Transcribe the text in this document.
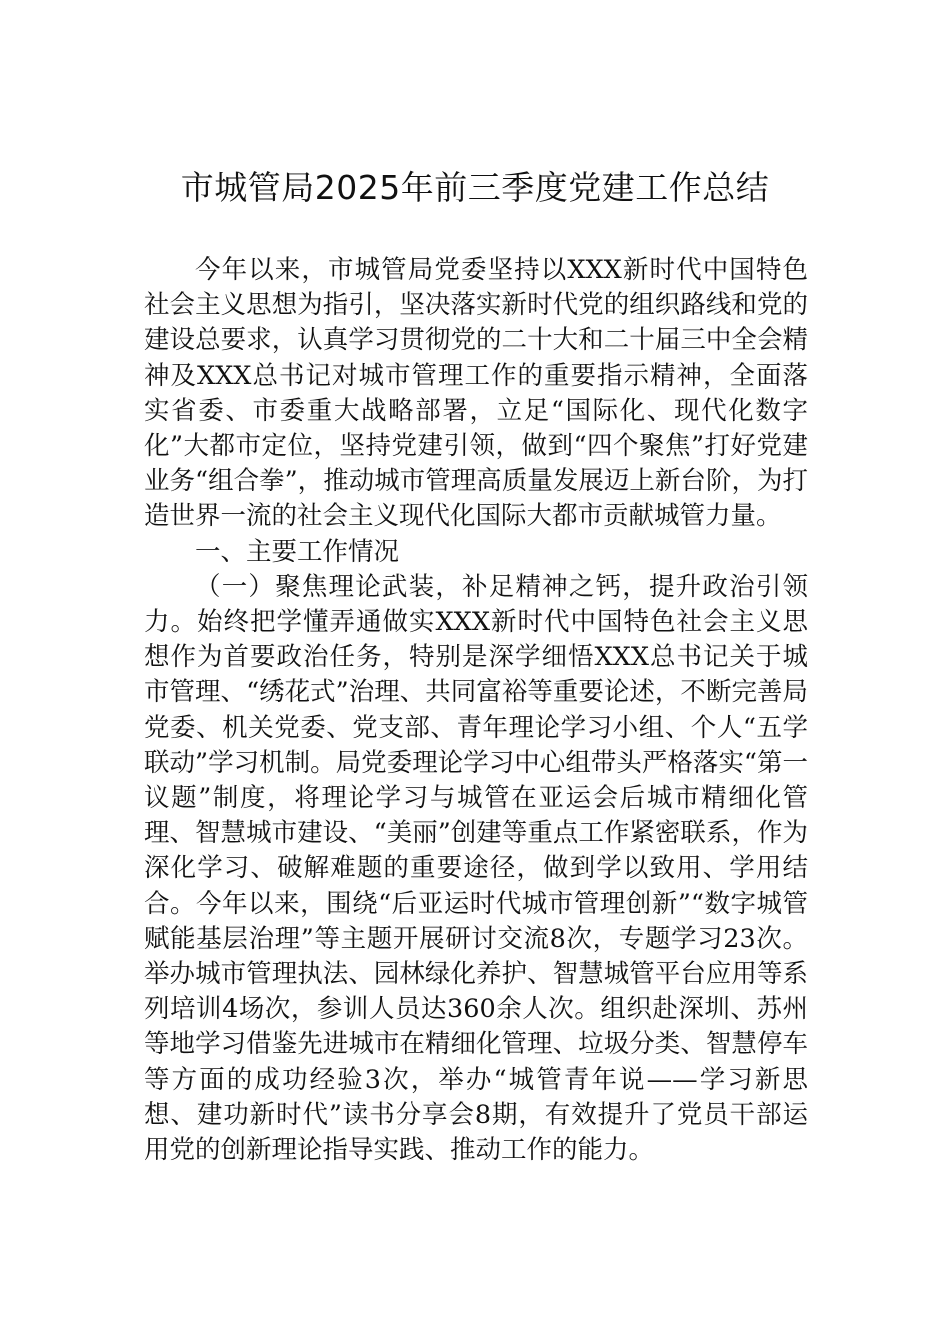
市城管局2025年前三季度党建工作总结

今年以来，市城管局党委坚持以XXX新时代中国特色社会主义思想为指引，坚决落实新时代党的组织路线和党的建设总要求，认真学习贯彻党的二十大和二十届三中全会精神及XXX总书记对城市管理工作的重要指示精神，全面落实省委、市委重大战略部署，立足“国际化、现代化数字化”大都市定位，坚持党建引领，做到“四个聚焦”打好党建业务“组合拳”，推动城市管理高质量发展迈上新台阶，为打造世界一流的社会主义现代化国际大都市贡献城管力量。

一、主要工作情况

（一）聚焦理论武装，补足精神之钙，提升政治引领力。始终把学懂弄通做实XXX新时代中国特色社会主义思想作为首要政治任务，特别是深学细悟XXX总书记关于城市管理、“绣花式”治理、共同富裕等重要论述，不断完善局党委、机关党委、党支部、青年理论学习小组、个人“五学联动”学习机制。局党委理论学习中心组带头严格落实“第一议题”制度，将理论学习与城管在亚运会后城市精细化管理、智慧城市建设、“美丽”创建等重点工作紧密联系，作为深化学习、破解难题的重要途径，做到学以致用、学用结合。今年以来，围绕“后亚运时代城市管理创新”“数字城管赋能基层治理”等主题开展研讨交流8次，专题学习23次。举办城市管理执法、园林绿化养护、智慧城管平台应用等系列培训4场次，参训人员达360余人次。组织赴深圳、苏州等地学习借鉴先进城市在精细化管理、垃圾分类、智慧停车等方面的成功经验3次，举办“城管青年说——学习新思想、建功新时代”读书分享会8期，有效提升了党员干部运用党的创新理论指导实践、推动工作的能力。
